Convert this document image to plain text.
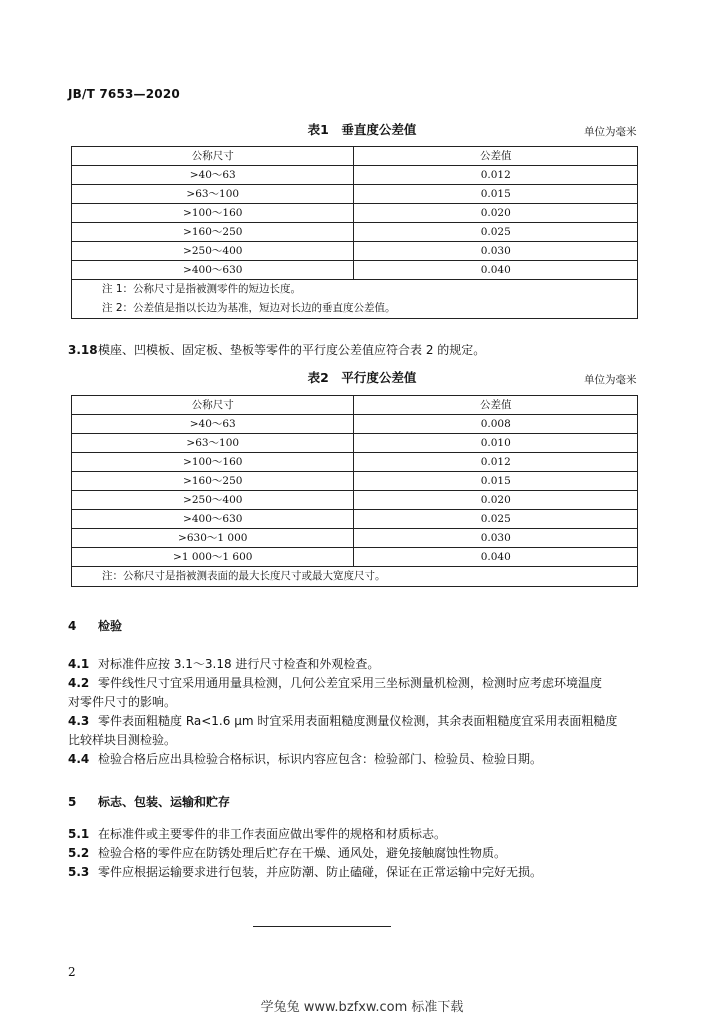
JB/T 7653—2020
表1　垂直度公差值	单位为毫米
公称尺寸	公差值
>40～63	0.012
>63～100	0.015
>100～160	0.020
>160～250	0.025
>250～400	0.030
>400～630	0.040
注 1：公称尺寸是指被测零件的短边长度。	
注 2：公差值是指以长边为基准，短边对长边的垂直度公差值。	
3.18模座、凹模板、固定板、垫板等零件的平行度公差值应符合表 2 的规定。
表2　平行度公差值	单位为毫米
公称尺寸	公差值
>40～63	0.008
>63～100	0.010
>100～160	0.012
>160～250	0.015
>250～400	0.020
>400～630	0.025
>630～1 000	0.030
>1 000～1 600	0.040
注：公称尺寸是指被测表面的最大长度尺寸或最大宽度尺寸。	
4 检验
4.1 对标准件应按 3.1～3.18 进行尺寸检查和外观检查。
4.2 零件线性尺寸宜采用通用量具检测，几何公差宜采用三坐标测量机检测，检测时应考虑环境温度
对零件尺寸的影响。
4.3 零件表面粗糙度 Ra<1.6 μm 时宜采用表面粗糙度测量仪检测，其余表面粗糙度宜采用表面粗糙度
比较样块目测检验。
4.4 检验合格后应出具检验合格标识，标识内容应包含：检验部门、检验员、检验日期。
5 标志、包装、运输和贮存
5.1 在标准件或主要零件的非工作表面应做出零件的规格和材质标志。
5.2 检验合格的零件应在防锈处理后贮存在干燥、通风处，避免接触腐蚀性物质。
5.3 零件应根据运输要求进行包装，并应防潮、防止磕碰，保证在正常运输中完好无损。
2
学兔兔 www.bzfxw.com 标准下载
